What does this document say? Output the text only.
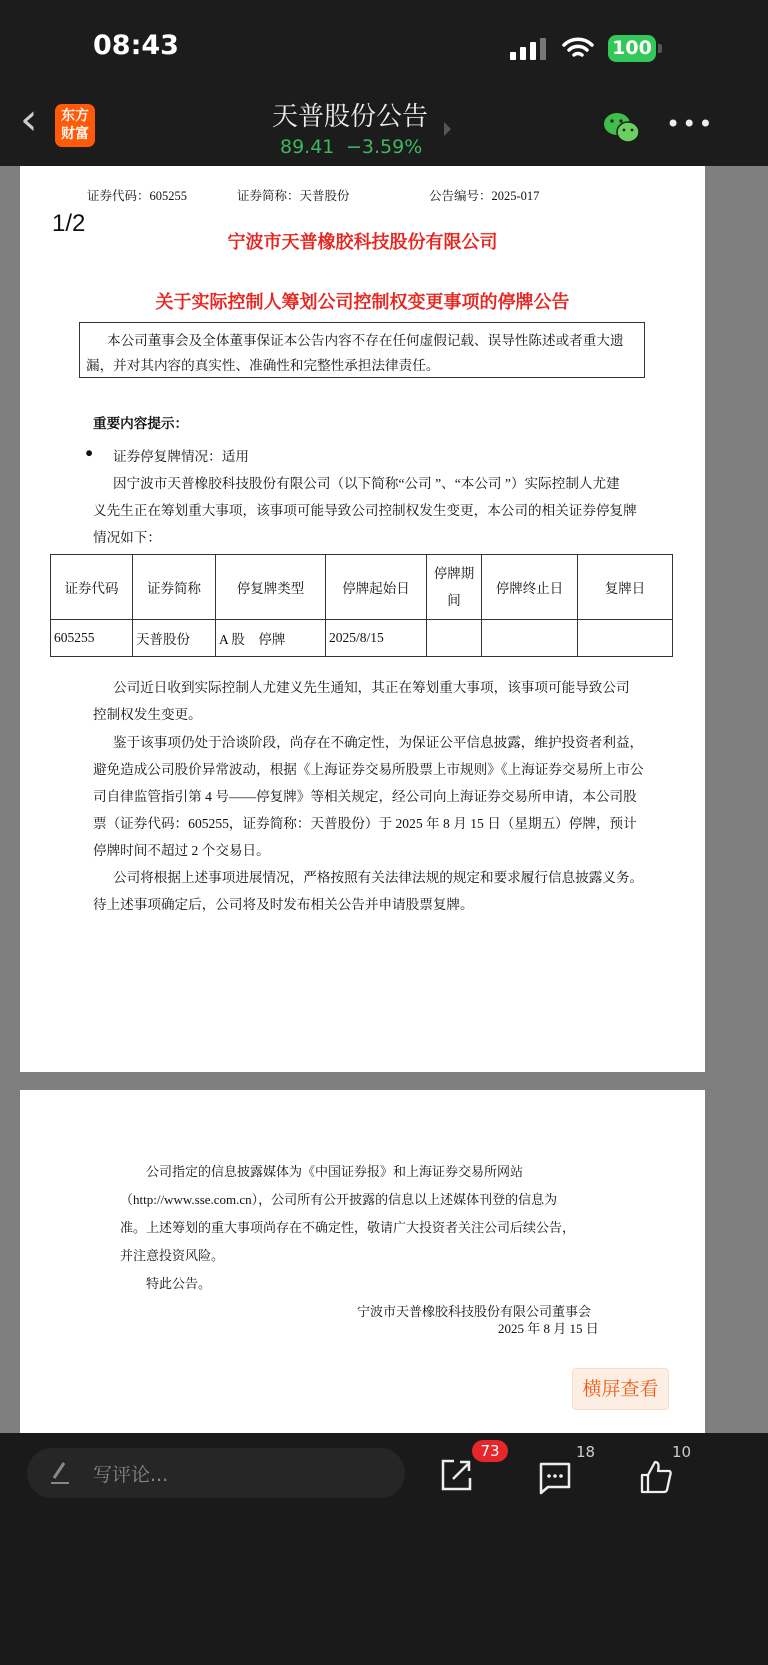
08:43	100
‹	东方
财富
天普股份公告
89.41 −3.59%
•••
证券代码：605255	证券简称：天普股份	公告编号：2025-017
1/2
宁波市天普橡胶科技股份有限公司
关于实际控制人筹划公司控制权变更事项的停牌公告
本公司董事会及全体董事保证本公告内容不存在任何虚假记载、误导性陈述或者重大遗
漏，并对其内容的真实性、准确性和完整性承担法律责任。
重要内容提示：
● 证券停复牌情况：适用
因宁波市天普橡胶科技股份有限公司（以下简称“公司 ”、“本公司 ”）实际控制人尤建
义先生正在筹划重大事项，该事项可能导致公司控制权发生变更，本公司的相关证券停复牌
情况如下：
证券代码	证券简称	停复牌类型	停牌起始日	停牌期间	停牌终止日	复牌日
605255	天普股份	A 股　停牌	2025/8/15			
公司近日收到实际控制人尤建义先生通知，其正在筹划重大事项，该事项可能导致公司
控制权发生变更。
鉴于该事项仍处于洽谈阶段，尚存在不确定性，为保证公平信息披露，维护投资者利益，
避免造成公司股价异常波动，根据《上海证券交易所股票上市规则》《上海证券交易所上市公
司自律监管指引第 4 号——停复牌》等相关规定，经公司向上海证券交易所申请，本公司股
票（证券代码：605255，证券简称：天普股份）于 2025 年 8 月 15 日（星期五）停牌，预计
停牌时间不超过 2 个交易日。
公司将根据上述事项进展情况，严格按照有关法律法规的规定和要求履行信息披露义务。
待上述事项确定后，公司将及时发布相关公告并申请股票复牌。
公司指定的信息披露媒体为《中国证券报》和上海证券交易所网站
（http://www.sse.com.cn），公司所有公开披露的信息以上述媒体刊登的信息为
准。上述筹划的重大事项尚存在不确定性，敬请广大投资者关注公司后续公告，
并注意投资风险。
特此公告。
宁波市天普橡胶科技股份有限公司董事会
2025 年 8 月 15 日
横屏查看
写评论...
73	18	10
